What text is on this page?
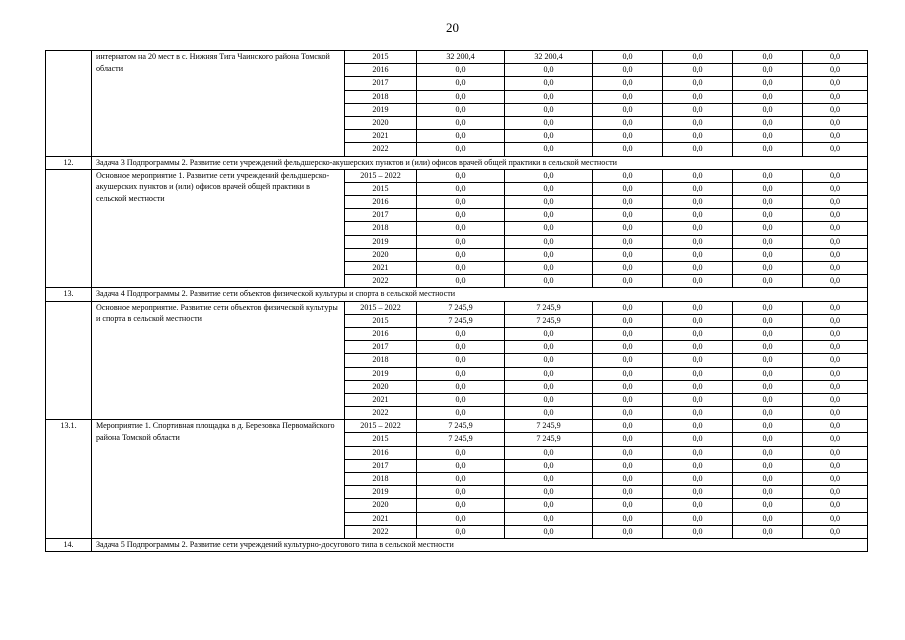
20
	интернатом на 20 мест в с. Нижняя Тига Чаинского района Томской области	2015	32 200,4	32 200,4	0,0	0,0	0,0	0,0
		2016	0,0	0,0	0,0	0,0	0,0	0,0
		2017	0,0	0,0	0,0	0,0	0,0	0,0
		2018	0,0	0,0	0,0	0,0	0,0	0,0
		2019	0,0	0,0	0,0	0,0	0,0	0,0
		2020	0,0	0,0	0,0	0,0	0,0	0,0
		2021	0,0	0,0	0,0	0,0	0,0	0,0
		2022	0,0	0,0	0,0	0,0	0,0	0,0
12.	Задача 3 Подпрограммы 2. Развитие сети учреждений фельдшерско-акушерских пунктов и (или) офисов врачей общей практики в сельской местности							
	Основное мероприятие 1. Развитие сети учреждений фельдшерско-акушерских пунктов и (или) офисов врачей общей практики в сельской местности	2015 – 2022	0,0	0,0	0,0	0,0	0,0	0,0
		2015	0,0	0,0	0,0	0,0	0,0	0,0
		2016	0,0	0,0	0,0	0,0	0,0	0,0
		2017	0,0	0,0	0,0	0,0	0,0	0,0
		2018	0,0	0,0	0,0	0,0	0,0	0,0
		2019	0,0	0,0	0,0	0,0	0,0	0,0
		2020	0,0	0,0	0,0	0,0	0,0	0,0
		2021	0,0	0,0	0,0	0,0	0,0	0,0
		2022	0,0	0,0	0,0	0,0	0,0	0,0
13.	Задача 4 Подпрограммы 2. Развитие сети объектов физической культуры и спорта в сельской местности							
	Основное мероприятие. Развитие сети объектов физической культуры и спорта в сельской местности	2015 – 2022	7 245,9	7 245,9	0,0	0,0	0,0	0,0
		2015	7 245,9	7 245,9	0,0	0,0	0,0	0,0
		2016	0,0	0,0	0,0	0,0	0,0	0,0
		2017	0,0	0,0	0,0	0,0	0,0	0,0
		2018	0,0	0,0	0,0	0,0	0,0	0,0
		2019	0,0	0,0	0,0	0,0	0,0	0,0
		2020	0,0	0,0	0,0	0,0	0,0	0,0
		2021	0,0	0,0	0,0	0,0	0,0	0,0
		2022	0,0	0,0	0,0	0,0	0,0	0,0
13.1.	Мероприятие 1. Спортивная площадка в д. Березовка Первомайского района Томской области	2015 – 2022	7 245,9	7 245,9	0,0	0,0	0,0	0,0
		2015	7 245,9	7 245,9	0,0	0,0	0,0	0,0
		2016	0,0	0,0	0,0	0,0	0,0	0,0
		2017	0,0	0,0	0,0	0,0	0,0	0,0
		2018	0,0	0,0	0,0	0,0	0,0	0,0
		2019	0,0	0,0	0,0	0,0	0,0	0,0
		2020	0,0	0,0	0,0	0,0	0,0	0,0
		2021	0,0	0,0	0,0	0,0	0,0	0,0
		2022	0,0	0,0	0,0	0,0	0,0	0,0
14.	Задача 5 Подпрограммы 2. Развитие сети учреждений культурно-досугового типа в сельской местности							
